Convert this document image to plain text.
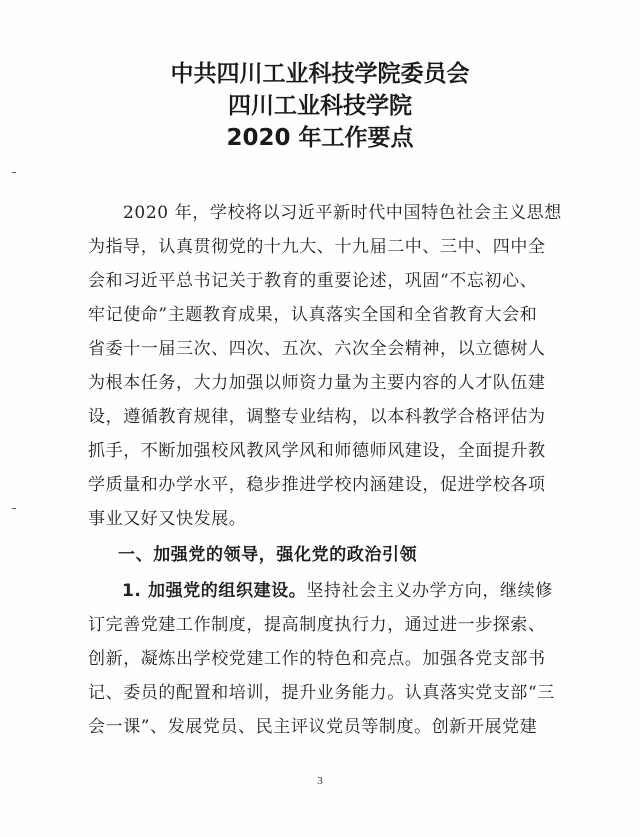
中共四川工业科技学院委员会
四川工业科技学院
2020 年工作要点
2020 年，学校将以习近平新时代中国特色社会主义思想
为指导，认真贯彻党的十九大、十九届二中、三中、四中全
会和习近平总书记关于教育的重要论述，巩固“不忘初心、
牢记使命”主题教育成果，认真落实全国和全省教育大会和
省委十一届三次、四次、五次、六次全会精神，以立德树人
为根本任务，大力加强以师资力量为主要内容的人才队伍建
设，遵循教育规律，调整专业结构，以本科教学合格评估为
抓手，不断加强校风教风学风和师德师风建设，全面提升教
学质量和办学水平，稳步推进学校内涵建设，促进学校各项
事业又好又快发展。
一、加强党的领导，强化党的政治引领
1. 加强党的组织建设。坚持社会主义办学方向，继续修
订完善党建工作制度，提高制度执行力，通过进一步探索、
创新，凝炼出学校党建工作的特色和亮点。加强各党支部书
记、委员的配置和培训，提升业务能力。认真落实党支部“三
会一课”、发展党员、民主评议党员等制度。创新开展党建
3
